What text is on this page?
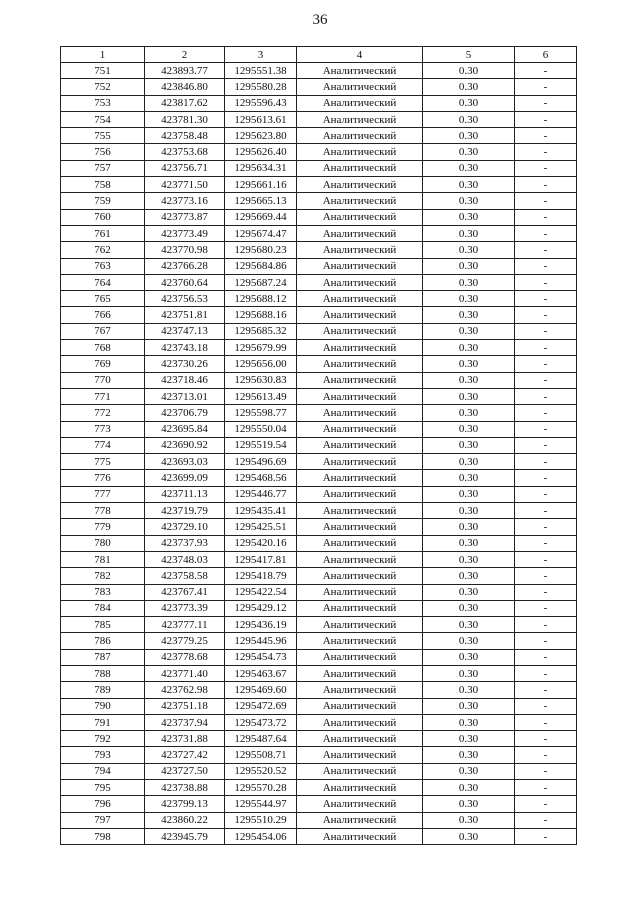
36
1	2	3	4	5	6
751	423893.77	1295551.38	Аналитический	0.30	-
752	423846.80	1295580.28	Аналитический	0.30	-
753	423817.62	1295596.43	Аналитический	0.30	-
754	423781.30	1295613.61	Аналитический	0.30	-
755	423758.48	1295623.80	Аналитический	0.30	-
756	423753.68	1295626.40	Аналитический	0.30	-
757	423756.71	1295634.31	Аналитический	0.30	-
758	423771.50	1295661.16	Аналитический	0.30	-
759	423773.16	1295665.13	Аналитический	0.30	-
760	423773.87	1295669.44	Аналитический	0.30	-
761	423773.49	1295674.47	Аналитический	0.30	-
762	423770.98	1295680.23	Аналитический	0.30	-
763	423766.28	1295684.86	Аналитический	0.30	-
764	423760.64	1295687.24	Аналитический	0.30	-
765	423756.53	1295688.12	Аналитический	0.30	-
766	423751.81	1295688.16	Аналитический	0.30	-
767	423747.13	1295685.32	Аналитический	0.30	-
768	423743.18	1295679.99	Аналитический	0.30	-
769	423730.26	1295656.00	Аналитический	0.30	-
770	423718.46	1295630.83	Аналитический	0.30	-
771	423713.01	1295613.49	Аналитический	0.30	-
772	423706.79	1295598.77	Аналитический	0.30	-
773	423695.84	1295550.04	Аналитический	0.30	-
774	423690.92	1295519.54	Аналитический	0.30	-
775	423693.03	1295496.69	Аналитический	0.30	-
776	423699.09	1295468.56	Аналитический	0.30	-
777	423711.13	1295446.77	Аналитический	0.30	-
778	423719.79	1295435.41	Аналитический	0.30	-
779	423729.10	1295425.51	Аналитический	0.30	-
780	423737.93	1295420.16	Аналитический	0.30	-
781	423748.03	1295417.81	Аналитический	0.30	-
782	423758.58	1295418.79	Аналитический	0.30	-
783	423767.41	1295422.54	Аналитический	0.30	-
784	423773.39	1295429.12	Аналитический	0.30	-
785	423777.11	1295436.19	Аналитический	0.30	-
786	423779.25	1295445.96	Аналитический	0.30	-
787	423778.68	1295454.73	Аналитический	0.30	-
788	423771.40	1295463.67	Аналитический	0.30	-
789	423762.98	1295469.60	Аналитический	0.30	-
790	423751.18	1295472.69	Аналитический	0.30	-
791	423737.94	1295473.72	Аналитический	0.30	-
792	423731.88	1295487.64	Аналитический	0.30	-
793	423727.42	1295508.71	Аналитический	0.30	-
794	423727.50	1295520.52	Аналитический	0.30	-
795	423738.88	1295570.28	Аналитический	0.30	-
796	423799.13	1295544.97	Аналитический	0.30	-
797	423860.22	1295510.29	Аналитический	0.30	-
798	423945.79	1295454.06	Аналитический	0.30	-
